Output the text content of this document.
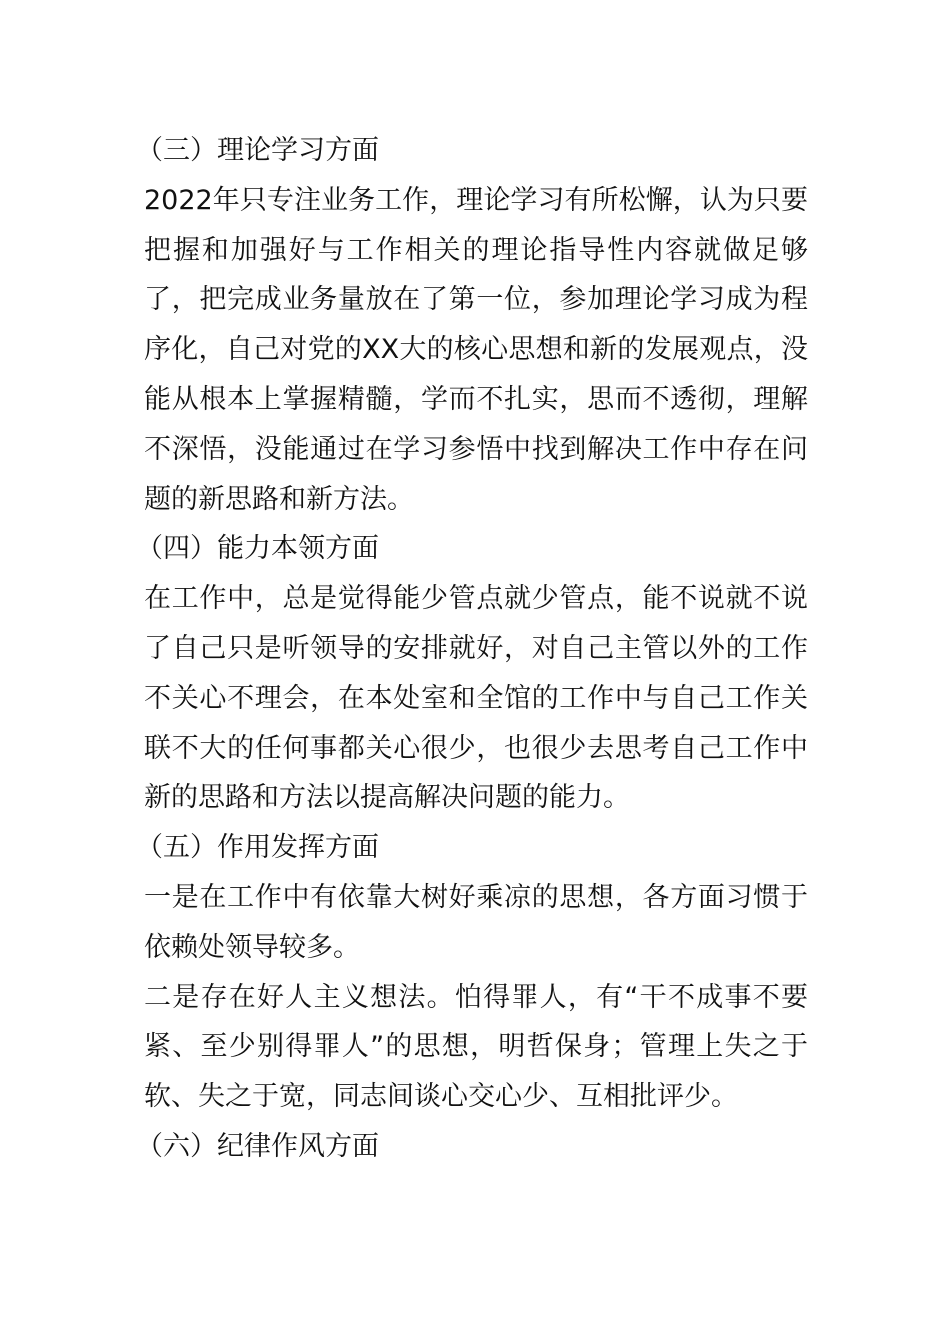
（三）理论学习方面

2022年只专注业务工作，理论学习有所松懈，认为只要把握和加强好与工作相关的理论指导性内容就做足够了，把完成业务量放在了第一位，参加理论学习成为程序化，自己对党的XX大的核心思想和新的发展观点，没能从根本上掌握精髓，学而不扎实，思而不透彻，理解不深悟，没能通过在学习参悟中找到解决工作中存在问题的新思路和新方法。

（四）能力本领方面

在工作中，总是觉得能少管点就少管点，能不说就不说了自己只是听领导的安排就好，对自己主管以外的工作不关心不理会，在本处室和全馆的工作中与自己工作关联不大的任何事都关心很少，也很少去思考自己工作中新的思路和方法以提高解决问题的能力。

（五）作用发挥方面

一是在工作中有依靠大树好乘凉的思想，各方面习惯于依赖处领导较多。

二是存在好人主义想法。怕得罪人，有“干不成事不要紧、至少别得罪人”的思想，明哲保身；管理上失之于软、失之于宽，同志间谈心交心少、互相批评少。

（六）纪律作风方面
